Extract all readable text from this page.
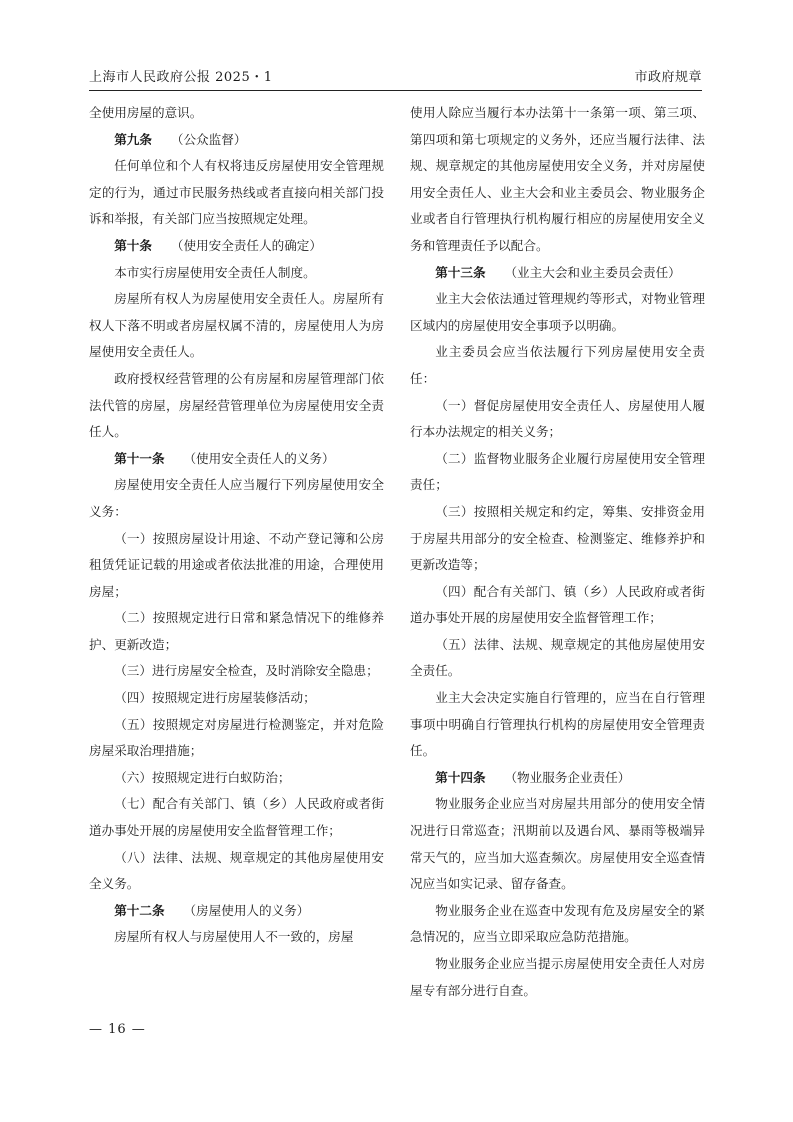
上海市人民政府公报 2025・1	市政府规章

全使用房屋的意识。

第九条 （公众监督）

任何单位和个人有权将违反房屋使用安全管理规定的行为，通过市民服务热线或者直接向相关部门投诉和举报，有关部门应当按照规定处理。

第十条 （使用安全责任人的确定）

本市实行房屋使用安全责任人制度。

房屋所有权人为房屋使用安全责任人。房屋所有权人下落不明或者房屋权属不清的，房屋使用人为房屋使用安全责任人。

政府授权经营管理的公有房屋和房屋管理部门依法代管的房屋，房屋经营管理单位为房屋使用安全责任人。

第十一条 （使用安全责任人的义务）

房屋使用安全责任人应当履行下列房屋使用安全义务：

（一）按照房屋设计用途、不动产登记簿和公房租赁凭证记载的用途或者依法批准的用途，合理使用房屋；

（二）按照规定进行日常和紧急情况下的维修养护、更新改造；

（三）进行房屋安全检查，及时消除安全隐患；

（四）按照规定进行房屋装修活动；

（五）按照规定对房屋进行检测鉴定，并对危险房屋采取治理措施；

（六）按照规定进行白蚁防治；

（七）配合有关部门、镇（乡）人民政府或者街道办事处开展的房屋使用安全监督管理工作；

（八）法律、法规、规章规定的其他房屋使用安全义务。

第十二条 （房屋使用人的义务）

房屋所有权人与房屋使用人不一致的，房屋

使用人除应当履行本办法第十一条第一项、第三项、第四项和第七项规定的义务外，还应当履行法律、法规、规章规定的其他房屋使用安全义务，并对房屋使用安全责任人、业主大会和业主委员会、物业服务企业或者自行管理执行机构履行相应的房屋使用安全义务和管理责任予以配合。

第十三条 （业主大会和业主委员会责任）

业主大会依法通过管理规约等形式，对物业管理区域内的房屋使用安全事项予以明确。

业主委员会应当依法履行下列房屋使用安全责任：

（一）督促房屋使用安全责任人、房屋使用人履行本办法规定的相关义务；

（二）监督物业服务企业履行房屋使用安全管理责任；

（三）按照相关规定和约定，筹集、安排资金用于房屋共用部分的安全检查、检测鉴定、维修养护和更新改造等；

（四）配合有关部门、镇（乡）人民政府或者街道办事处开展的房屋使用安全监督管理工作；

（五）法律、法规、规章规定的其他房屋使用安全责任。

业主大会决定实施自行管理的，应当在自行管理事项中明确自行管理执行机构的房屋使用安全管理责任。

第十四条 （物业服务企业责任）

物业服务企业应当对房屋共用部分的使用安全情况进行日常巡查；汛期前以及遇台风、暴雨等极端异常天气的，应当加大巡查频次。房屋使用安全巡查情况应当如实记录、留存备查。

物业服务企业在巡查中发现有危及房屋安全的紧急情况的，应当立即采取应急防范措施。

物业服务企业应当提示房屋使用安全责任人对房屋专有部分进行自查。

— 16 —
